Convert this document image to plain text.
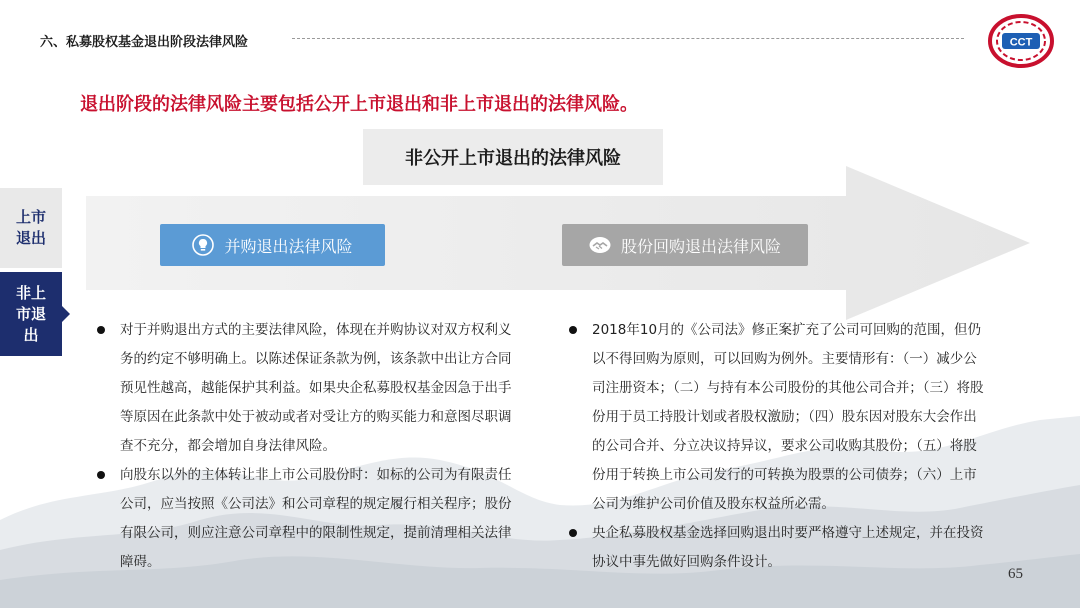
六、私募股权基金退出阶段法律风险	CCT
退出阶段的法律风险主要包括公开上市退出和非上市退出的法律风险。
上市退出
非上市退出
非公开上市退出的法律风险
并购退出法律风险	股份回购退出法律风险
对于并购退出方式的主要法律风险，体现在并购协议对双方权利义务的约定不够明确上。以陈述保证条款为例，该条款中出让方合同预见性越高，越能保护其利益。如果央企私募股权基金因急于出手等原因在此条款中处于被动或者对受让方的购买能力和意图尽职调查不充分，都会增加自身法律风险。
向股东以外的主体转让非上市公司股份时：如标的公司为有限责任公司，应当按照《公司法》和公司章程的规定履行相关程序；股份有限公司，则应注意公司章程中的限制性规定，提前清理相关法律障碍。
2018年10月的《公司法》修正案扩充了公司可回购的范围，但仍以不得回购为原则，可以回购为例外。主要情形有：（一）减少公司注册资本；（二）与持有本公司股份的其他公司合并；（三）将股份用于员工持股计划或者股权激励；（四）股东因对股东大会作出的公司合并、分立决议持异议，要求公司收购其股份；（五）将股份用于转换上市公司发行的可转换为股票的公司债券；（六）上市公司为维护公司价值及股东权益所必需。
央企私募股权基金选择回购退出时要严格遵守上述规定，并在投资协议中事先做好回购条件设计。
65
